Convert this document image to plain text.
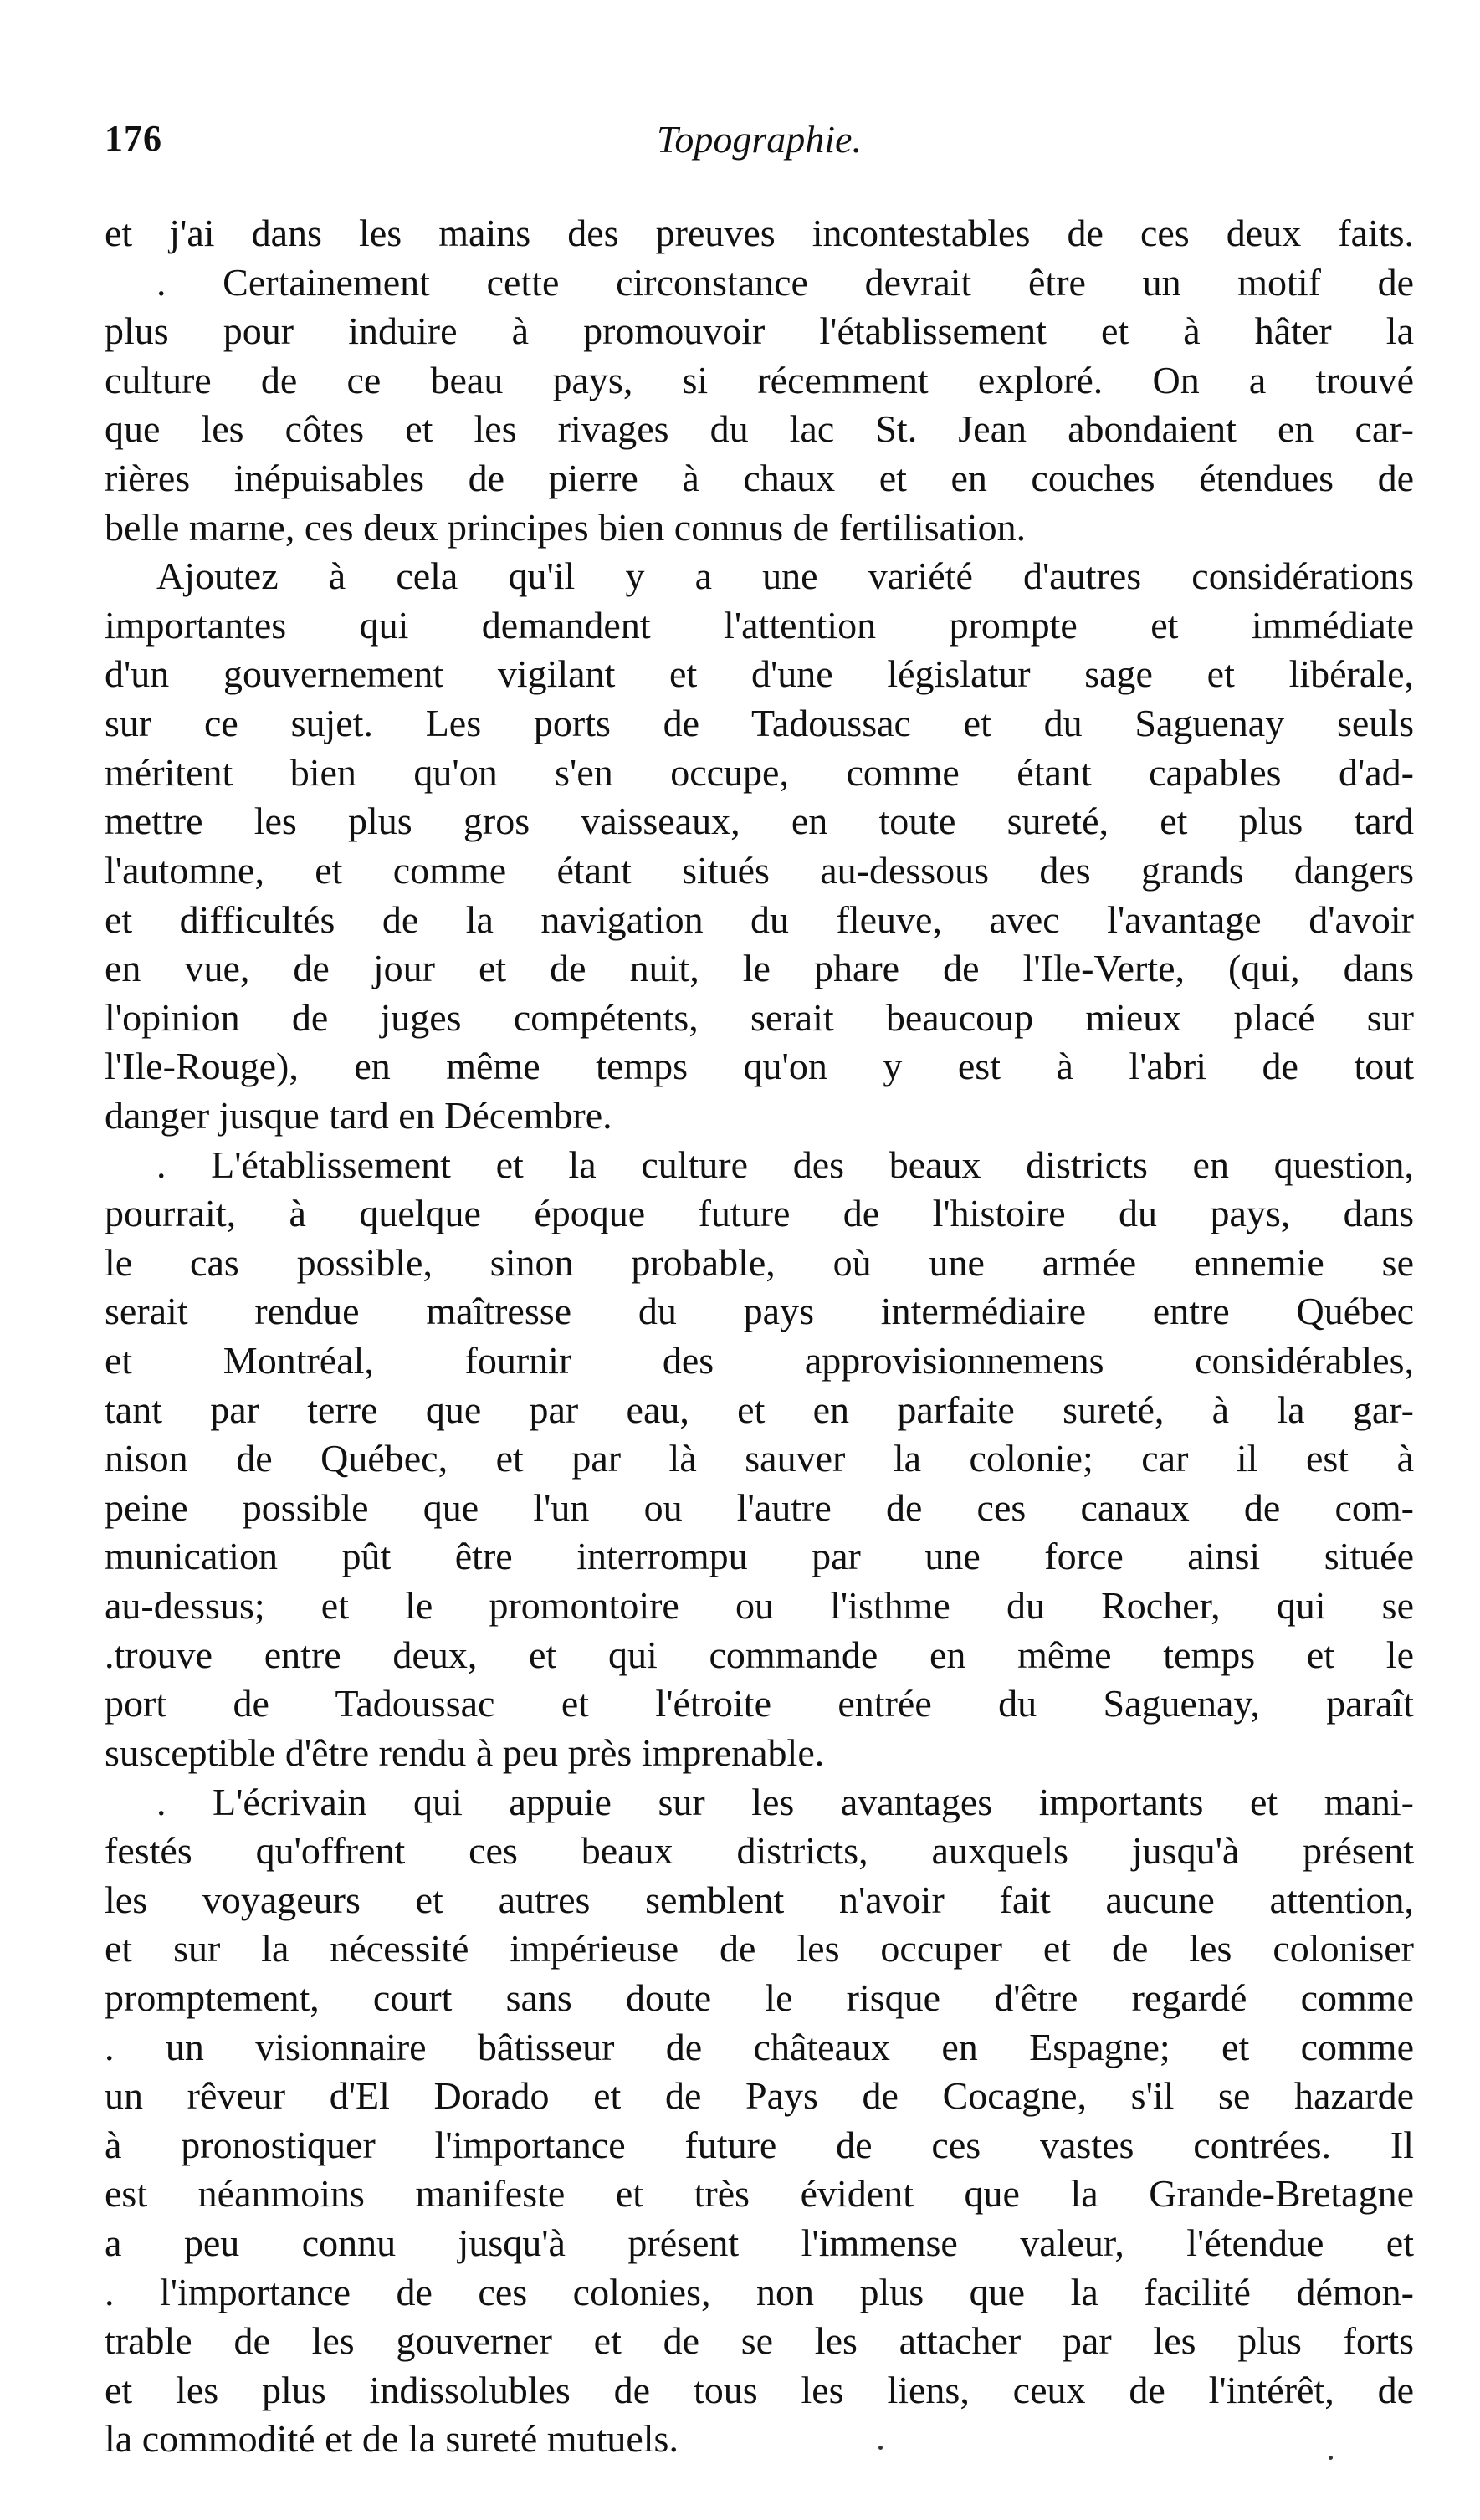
176	Topographie.
et j'ai dans les mains des preuves incontestables de ces deux faits.
. Certainement cette circonstance devrait être un motif de
plus pour induire à promouvoir l'établissement et à hâter la
culture de ce beau pays, si récemment exploré. On a trouvé
que les côtes et les rivages du lac St. Jean abondaient en car-
rières inépuisables de pierre à chaux et en couches étendues de
belle marne, ces deux principes bien connus de fertilisation.
Ajoutez à cela qu'il y a une variété d'autres considérations
importantes qui demandent l'attention prompte et immédiate
d'un gouvernement vigilant et d'une législatur sage et libérale,
sur ce sujet. Les ports de Tadoussac et du Saguenay seuls
méritent bien qu'on s'en occupe, comme étant capables d'ad-
mettre les plus gros vaisseaux, en toute sureté, et plus tard
l'automne, et comme étant situés au-dessous des grands dangers
et difficultés de la navigation du fleuve, avec l'avantage d'avoir
en vue, de jour et de nuit, le phare de l'Ile-Verte, (qui, dans
l'opinion de juges compétents, serait beaucoup mieux placé sur
l'Ile-Rouge), en même temps qu'on y est à l'abri de tout
danger jusque tard en Décembre.
. L'établissement et la culture des beaux districts en question,
pourrait, à quelque époque future de l'histoire du pays, dans
le cas possible, sinon probable, où une armée ennemie se
serait rendue maîtresse du pays intermédiaire entre Québec
et Montréal, fournir des approvisionnemens considérables,
tant par terre que par eau, et en parfaite sureté, à la gar-
nison de Québec, et par là sauver la colonie; car il est à
peine possible que l'un ou l'autre de ces canaux de com-
munication pût être interrompu par une force ainsi située
au-dessus; et le promontoire ou l'isthme du Rocher, qui se
.trouve entre deux, et qui commande en même temps et le
port de Tadoussac et l'étroite entrée du Saguenay, paraît
susceptible d'être rendu à peu près imprenable.
. L'écrivain qui appuie sur les avantages importants et mani-
festés qu'offrent ces beaux districts, auxquels jusqu'à présent
les voyageurs et autres semblent n'avoir fait aucune attention,
et sur la nécessité impérieuse de les occuper et de les coloniser
promptement, court sans doute le risque d'être regardé comme
. un visionnaire bâtisseur de châteaux en Espagne; et comme
un rêveur d'El Dorado et de Pays de Cocagne, s'il se hazarde
à pronostiquer l'importance future de ces vastes contrées. Il
est néanmoins manifeste et très évident que la Grande-Bretagne
a peu connu jusqu'à présent l'immense valeur, l'étendue et
. l'importance de ces colonies, non plus que la facilité démon-
trable de les gouverner et de se les attacher par les plus forts
et les plus indissolubles de tous les liens, ceux de l'intérêt, de
la commodité et de la sureté mutuels.
